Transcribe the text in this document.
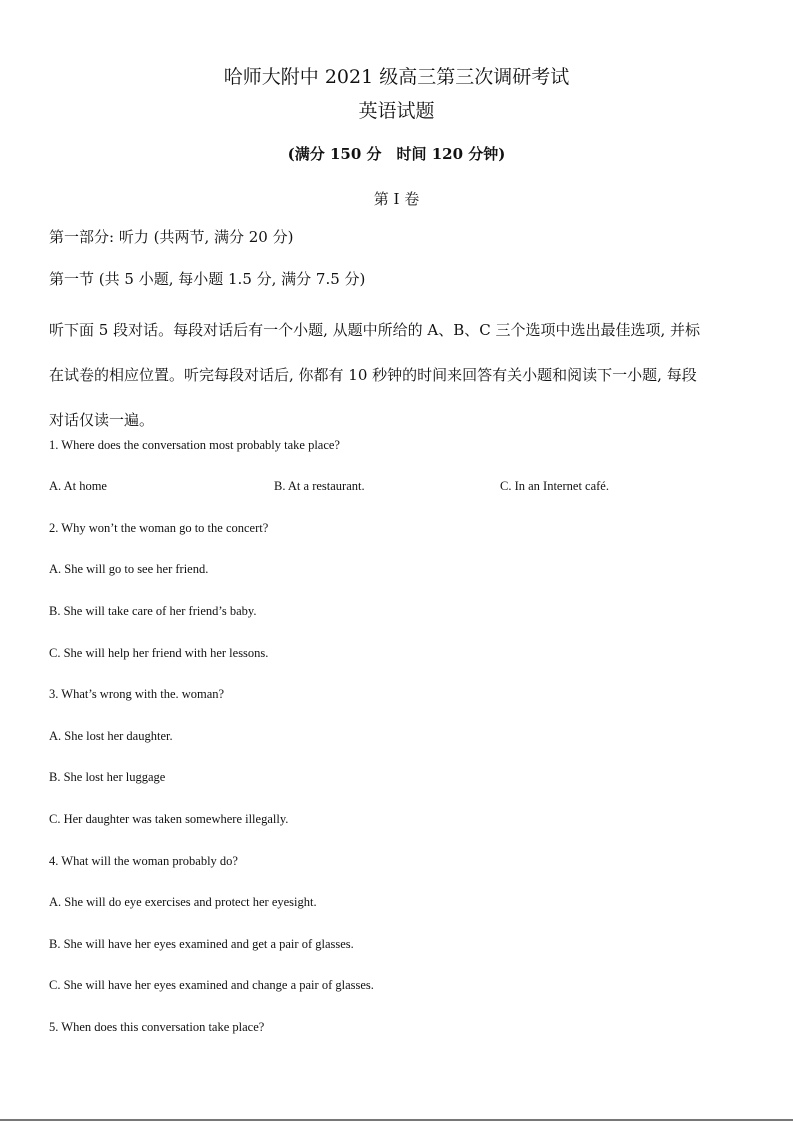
哈师大附中 2021 级高三第三次调研考试
英语试题
(满分 150 分　时间 120 分钟)
第 I 卷
第一部分: 听力 (共两节, 满分 20 分)
第一节 (共 5 小题, 每小题 1.5 分, 满分 7.5 分)

听下面 5 段对话。每段对话后有一个小题, 从题中所给的 A、B、C 三个选项中选出最佳选项, 并标
在试卷的相应位置。听完每段对话后, 你都有 10 秒钟的时间来回答有关小题和阅读下一小题, 每段
对话仅读一遍。

1. Where does the conversation most probably take place?
A. At home	B. At a restaurant.	C. In an Internet café.
2. Why won’t the woman go to the concert?
A. She will go to see her friend.
B. She will take care of her friend’s baby.
C. She will help her friend with her lessons.
3. What’s wrong with the. woman?
A. She lost her daughter.
B. She lost her luggage
C. Her daughter was taken somewhere illegally.
4. What will the woman probably do?
A. She will do eye exercises and protect her eyesight.
B. She will have her eyes examined and get a pair of glasses.
C. She will have her eyes examined and change a pair of glasses.
5. When does this conversation take place?
